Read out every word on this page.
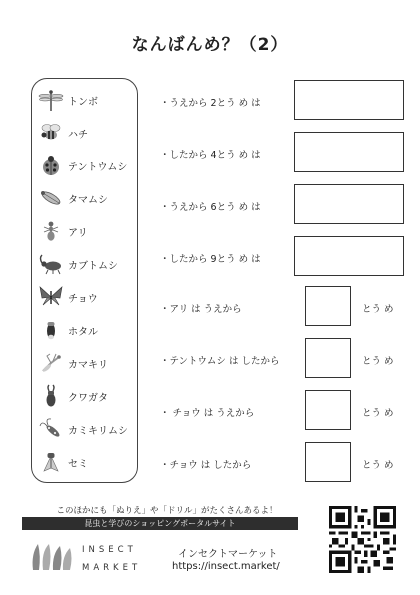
なんばんめ？（2）
トンボ
ハチ
テントウムシ
タマムシ
アリ
カブトムシ
チョウ
ホタル
カマキリ
クワガタ
カミキリムシ
セミ
・うえから 2とう め は
・したから 4とう め は
・うえから 6とう め は
・したから 9とう め は
・アリ は うえから	とう め
・テントウムシ は したから	とう め
・ チョウ は うえから	とう め
・チョウ は したから	とう め
このほかにも「ぬりえ」や「ドリル」がたくさんあるよ！
昆虫と学びのショッピングポータルサイト
INSECT
MARKET
インセクトマーケット
https://insect.market/
